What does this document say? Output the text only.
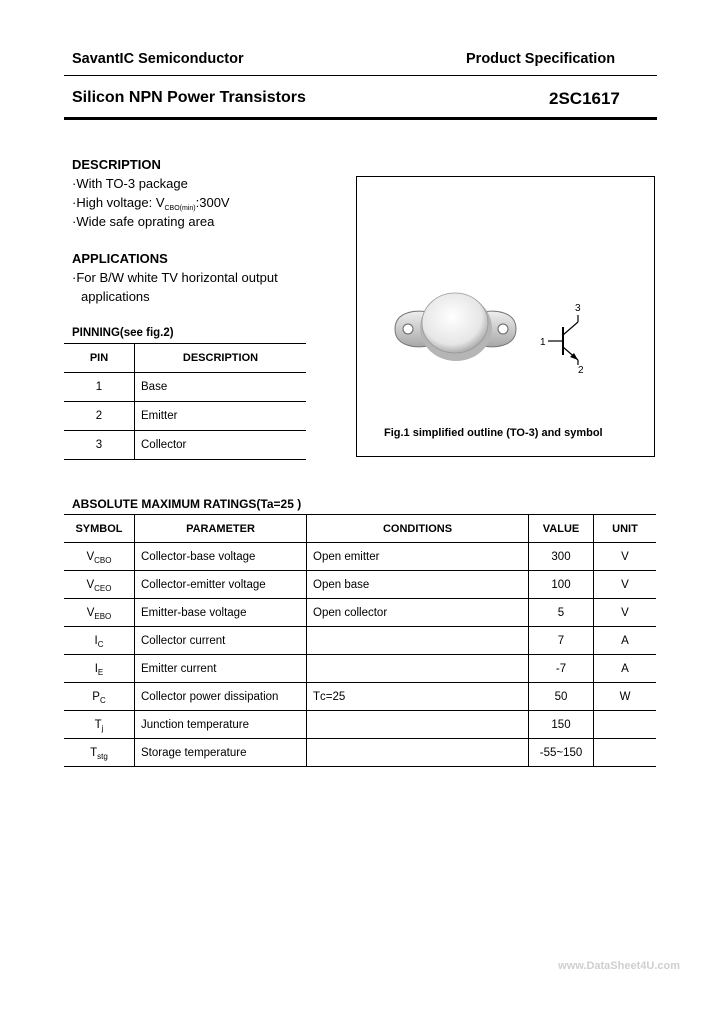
SavantIC Semiconductor	Product Specification
Silicon NPN Power Transistors	2SC1617
DESCRIPTION
·With TO-3 package
·High voltage: $V_{CBO(min)}:300V$
·Wide safe oprating area
APPLICATIONS
·For B/W white TV horizontal output
applications
PINNING(see fig.2)
PIN	DESCRIPTION
1	Base
2	Emitter
3	Collector
1
2
3
Fig.1 simplified outline (TO-3) and symbol
ABSOLUTE MAXIMUM RATINGS(Ta=25 )
SYMBOL	PARAMETER	CONDITIONS	VALUE	UNIT
$V_{CBO}$	Collector-base voltage	Open emitter	300	V
$V_{CEO}$	Collector-emitter voltage	Open base	100	V
$V_{EBO}$	Emitter-base voltage	Open collector	5	V
$I_C$	Collector current		7	A
$I_E$	Emitter current		-7	A
$P_C$	Collector power dissipation	Tᴄ=25	50	W
$T_j$	Junction temperature		150	
$T_{stg}$	Storage temperature		-55~150	
www.DataSheet4U.com
